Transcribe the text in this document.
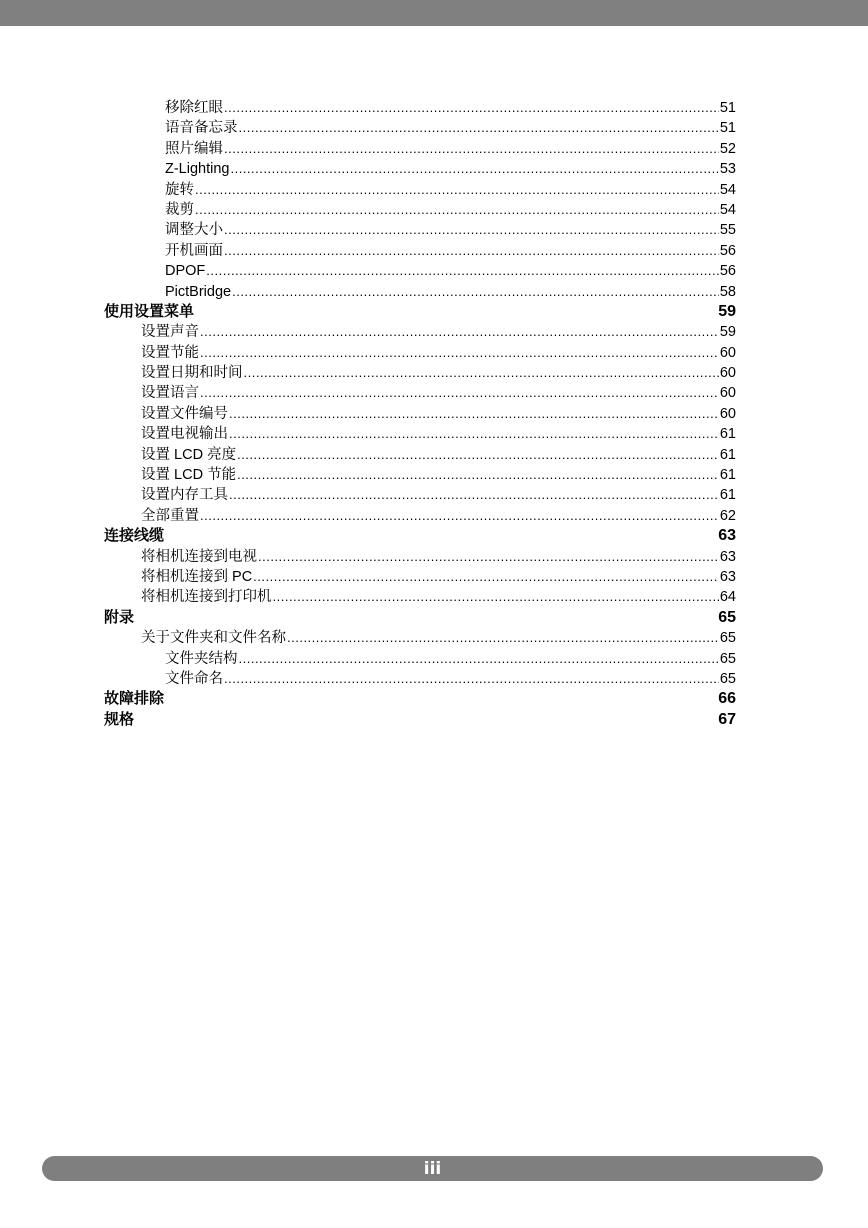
移除红眼 .....	51
语音备忘录 .....	51
照片编辑 .....	52
Z-Lighting .....	53
旋转 .....	54
裁剪 .....	54
调整大小 .....	55
开机画面 .....	56
DPOF .....	56
PictBridge .....	58
使用设置菜单	59
设置声音 .....	59
设置节能 .....	60
设置日期和时间 .....	60
设置语言 .....	60
设置文件编号 .....	60
设置电视输出 .....	61
设置 LCD 亮度 .....	61
设置 LCD 节能 .....	61
设置内存工具 .....	61
全部重置 .....	62
连接线缆	63
将相机连接到电视 .....	63
将相机连接到 PC .....	63
将相机连接到打印机 .....	64
附录	65
关于文件夹和文件名称 .....	65
文件夹结构 .....	65
文件命名 .....	65
故障排除	66
规格	67
iii
